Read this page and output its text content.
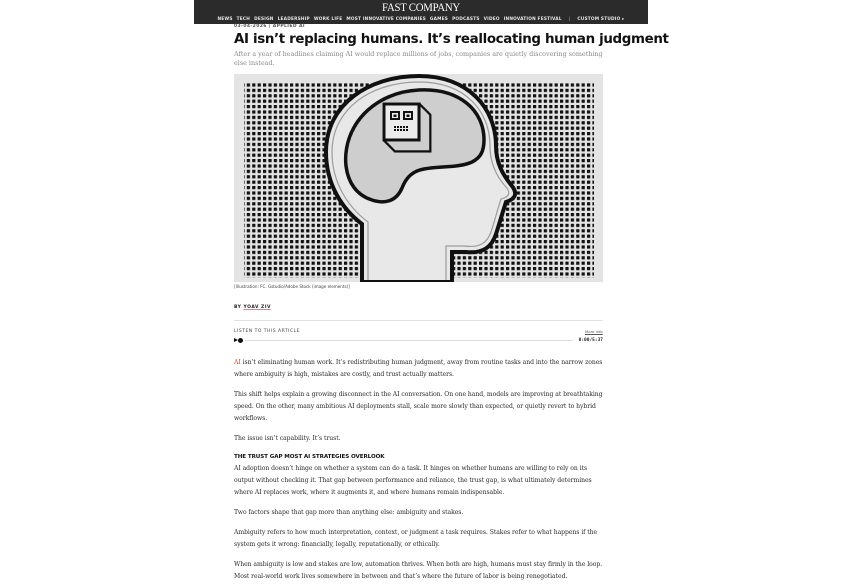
FAST COMPANY
NEWS TECH DESIGN LEADERSHIP WORK LIFE MOST INNOVATIVE COMPANIES GAMES PODCASTS VIDEO INNOVATION FESTIVAL | CUSTOM STUDIO ▸
03-04-2026 | APPLIED AI
AI isn’t replacing humans. It’s reallocating human judgment
After a year of headlines claiming AI would replace millions of jobs, companies are quietly discovering something else instead.
[Illustration: FC. Gstudio/Adobe Stock (image elements)]
BY YOAV ZIV
LISTEN TO THIS ARTICLE	More info
0:00/5:37

AI isn’t eliminating human work. It’s redistributing human judgment, away from routine tasks and into the narrow zones where ambiguity is high, mistakes are costly, and trust actually matters.

This shift helps explain a growing disconnect in the AI conversation. On one hand, models are improving at breathtaking speed. On the other, many ambitious AI deployments stall, scale more slowly than expected, or quietly revert to hybrid workflows.

The issue isn’t capability. It’s trust.

THE TRUST GAP MOST AI STRATEGIES OVERLOOK

AI adoption doesn’t hinge on whether a system can do a task. It hinges on whether humans are willing to rely on its output without checking it. That gap between performance and reliance, the trust gap, is what ultimately determines where AI replaces work, where it augments it, and where humans remain indispensable.

Two factors shape that gap more than anything else: ambiguity and stakes.

Ambiguity refers to how much interpretation, context, or judgment a task requires. Stakes refer to what happens if the system gets it wrong: financially, legally, reputationally, or ethically.

When ambiguity is low and stakes are low, automation thrives. When both are high, humans must stay firmly in the loop. Most real-world work lives somewhere in between and that’s where the future of labor is being renegotiated.
